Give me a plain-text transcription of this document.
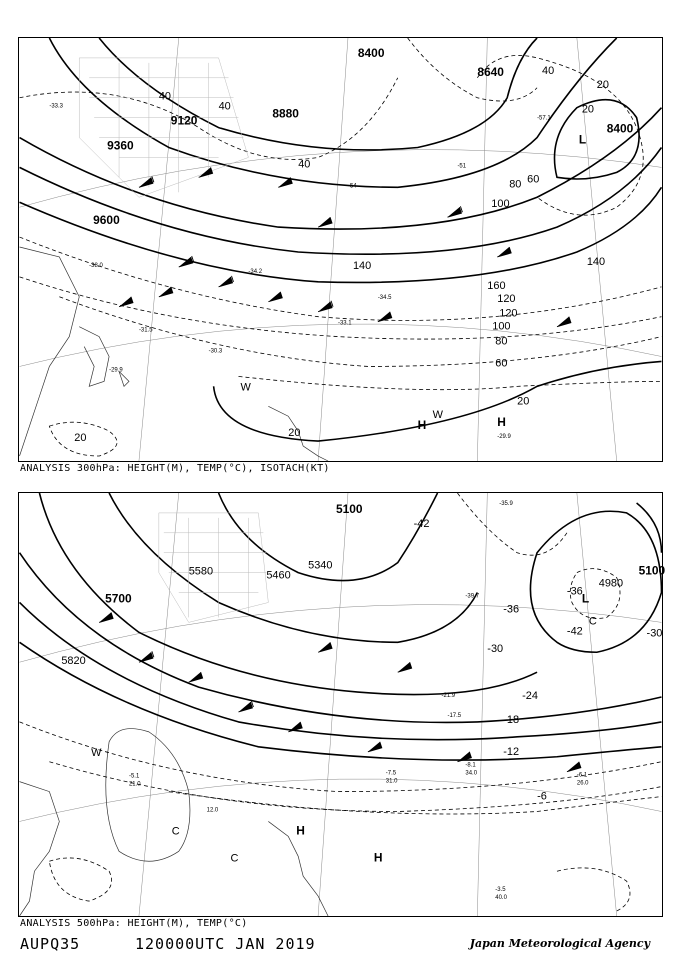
9120	8880
9360
9600
8400
8640
8400
40
40
20
40
60
80
100
120
140
160
120
100
80
60
20
20	20
20
140
40
L
H	H
W
W
-33.3
-38.0
-34.5
-33.1
-29.9
-30.3
-31.5
-51
-54
-57.1
-34.2
-29.9
ANALYSIS 300hPa: HEIGHT(M), TEMP(°C), ISOTACH(KT)
5100
5340
5580	5460
5700
5820
4980
5100
-42
-36
-30
-42
-36
-30
-24
-18
-12
-6
L
C
C
C
H
H
W
-8.1
-6.1
-7.5
-3.5
-5.1
-17.5
-21.9
-39.7
-35.9
34.0
26.0
31.0
40.0
12.0
21.0
ANALYSIS 500hPa: HEIGHT(M), TEMP(°C)
AUPQ35	120000UTC JAN 2019	Japan Meteorological Agency
